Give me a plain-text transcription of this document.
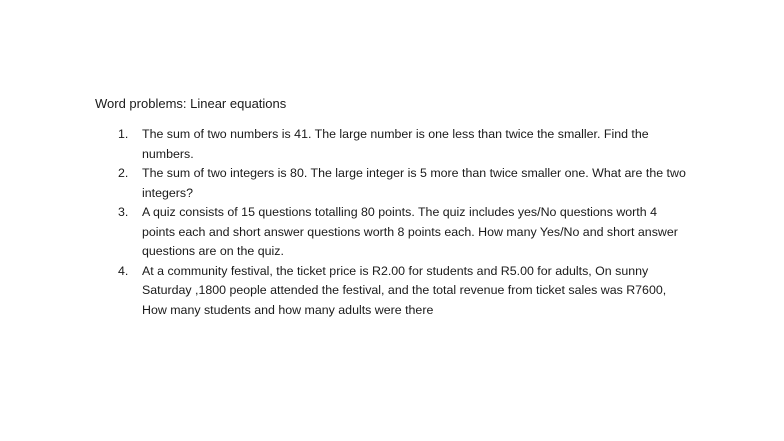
Word problems: Linear equations
1. The sum of two numbers is 41. The large number is one less than twice the smaller. Find the numbers.
2. The sum of two integers is 80. The large integer is 5 more than twice smaller one. What are the two integers?
3. A quiz consists of 15 questions totalling 80 points. The quiz includes yes/No questions worth 4 points each and short answer questions worth 8 points each. How many Yes/No and short answer questions are on the quiz.
4. At a community festival, the ticket price is R2.00 for students and R5.00 for adults, On sunny Saturday ,1800 people attended the festival, and the total revenue from ticket sales was R7600, How many students and how many adults were there
